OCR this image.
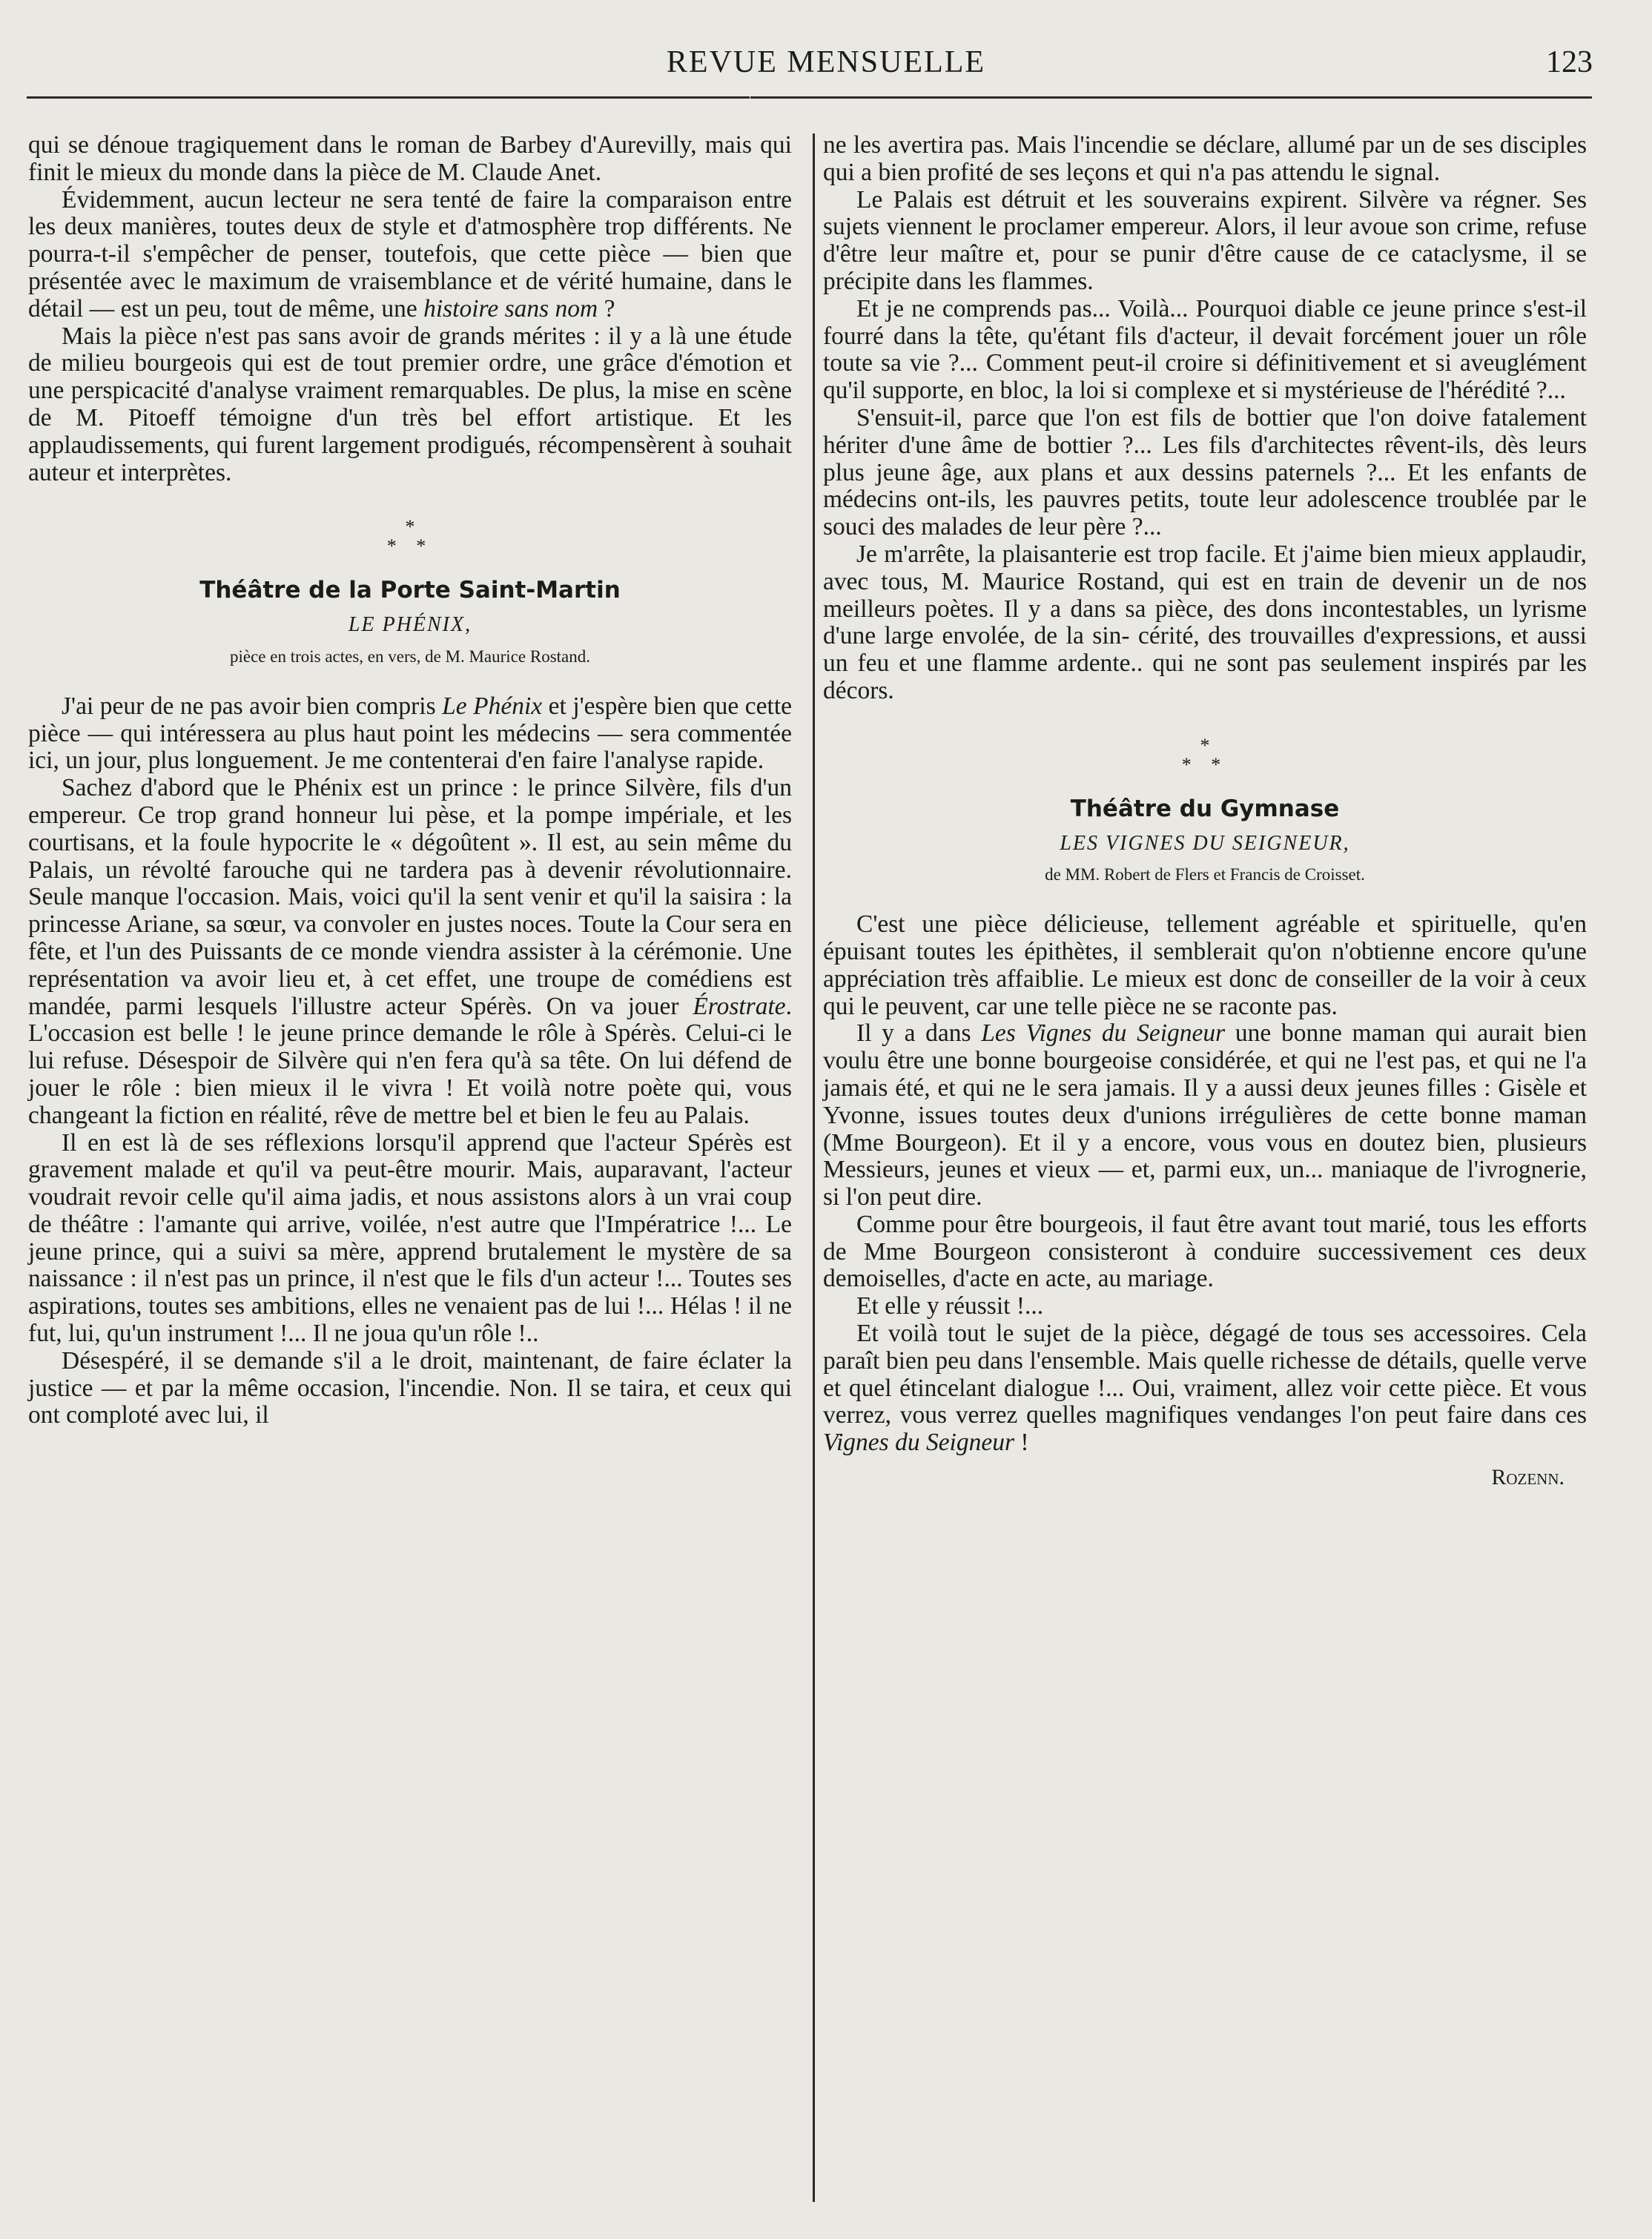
REVUE MENSUELLE	123

qui se dénoue tragiquement dans le roman de Barbey d'Aurevilly, mais qui finit le mieux du monde dans la pièce de M. Claude Anet.

Évidemment, aucun lecteur ne sera tenté de faire la comparaison entre les deux manières, toutes deux de style et d'atmosphère trop différents. Ne pourra-t-il s'empêcher de penser, toutefois, que cette pièce — bien que présentée avec le maximum de vraisemblance et de vérité humaine, dans le détail — est un peu, tout de même, une histoire sans nom ?

Mais la pièce n'est pas sans avoir de grands mérites : il y a là une étude de milieu bourgeois qui est de tout premier ordre, une grâce d'émotion et une perspicacité d'analyse vraiment remarquables. De plus, la mise en scène de M. Pitoeff témoigne d'un très bel effort artistique. Et les applaudissements, qui furent largement prodigués, récompensèrent à souhait auteur et interprètes.

*
* *
Théâtre de la Porte Saint-Martin
LE PHÉNIX,
pièce en trois actes, en vers, de M. Maurice Rostand.

J'ai peur de ne pas avoir bien compris Le Phénix et j'espère bien que cette pièce — qui intéressera au plus haut point les médecins — sera commentée ici, un jour, plus longuement. Je me contenterai d'en faire l'analyse rapide.

Sachez d'abord que le Phénix est un prince : le prince Silvère, fils d'un empereur. Ce trop grand honneur lui pèse, et la pompe impériale, et les courtisans, et la foule hypocrite le « dégoûtent ». Il est, au sein même du Palais, un révolté farouche qui ne tardera pas à devenir révolutionnaire. Seule manque l'occasion. Mais, voici qu'il la sent venir et qu'il la saisira : la princesse Ariane, sa sœur, va convoler en justes noces. Toute la Cour sera en fête, et l'un des Puissants de ce monde viendra assister à la cérémonie. Une représentation va avoir lieu et, à cet effet, une troupe de comédiens est mandée, parmi lesquels l'illustre acteur Spérès. On va jouer Érostrate. L'occasion est belle ! le jeune prince demande le rôle à Spérès. Celui-ci le lui refuse. Désespoir de Silvère qui n'en fera qu'à sa tête. On lui défend de jouer le rôle : bien mieux il le vivra ! Et voilà notre poète qui, vous changeant la fiction en réalité, rêve de mettre bel et bien le feu au Palais.

Il en est là de ses réflexions lorsqu'il apprend que l'acteur Spérès est gravement malade et qu'il va peut-être mourir. Mais, auparavant, l'acteur voudrait revoir celle qu'il aima jadis, et nous assistons alors à un vrai coup de théâtre : l'amante qui arrive, voilée, n'est autre que l'Impératrice !... Le jeune prince, qui a suivi sa mère, apprend brutalement le mystère de sa naissance : il n'est pas un prince, il n'est que le fils d'un acteur !... Toutes ses aspirations, toutes ses ambitions, elles ne venaient pas de lui !... Hélas ! il ne fut, lui, qu'un instrument !... Il ne joua qu'un rôle !..

Désespéré, il se demande s'il a le droit, maintenant, de faire éclater la justice — et par la même occasion, l'incendie. Non. Il se taira, et ceux qui ont comploté avec lui, il

ne les avertira pas. Mais l'incendie se déclare, allumé par un de ses disciples qui a bien profité de ses leçons et qui n'a pas attendu le signal.

Le Palais est détruit et les souverains expirent. Silvère va régner. Ses sujets viennent le proclamer empereur. Alors, il leur avoue son crime, refuse d'être leur maître et, pour se punir d'être cause de ce cataclysme, il se précipite dans les flammes.

Et je ne comprends pas... Voilà... Pourquoi diable ce jeune prince s'est-il fourré dans la tête, qu'étant fils d'acteur, il devait forcément jouer un rôle toute sa vie ?... Comment peut-il croire si définitivement et si aveuglément qu'il supporte, en bloc, la loi si complexe et si mystérieuse de l'hérédité ?...

S'ensuit-il, parce que l'on est fils de bottier que l'on doive fatalement hériter d'une âme de bottier ?... Les fils d'architectes rêvent-ils, dès leurs plus jeune âge, aux plans et aux dessins paternels ?... Et les enfants de médecins ont-ils, les pauvres petits, toute leur adolescence troublée par le souci des malades de leur père ?...

Je m'arrête, la plaisanterie est trop facile. Et j'aime bien mieux applaudir, avec tous, M. Maurice Rostand, qui est en train de devenir un de nos meilleurs poètes. Il y a dans sa pièce, des dons incontestables, un lyrisme d'une large envolée, de la sin- cérité, des trouvailles d'expressions, et aussi un feu et une flamme ardente.. qui ne sont pas seulement inspirés par les décors.

*
* *
Théâtre du Gymnase
LES VIGNES DU SEIGNEUR,
de MM. Robert de Flers et Francis de Croisset.

C'est une pièce délicieuse, tellement agréable et spirituelle, qu'en épuisant toutes les épithètes, il semblerait qu'on n'obtienne encore qu'une appréciation très affaiblie. Le mieux est donc de conseiller de la voir à ceux qui le peuvent, car une telle pièce ne se raconte pas.

Il y a dans Les Vignes du Seigneur une bonne maman qui aurait bien voulu être une bonne bourgeoise considérée, et qui ne l'est pas, et qui ne l'a jamais été, et qui ne le sera jamais. Il y a aussi deux jeunes filles : Gisèle et Yvonne, issues toutes deux d'unions irrégulières de cette bonne maman (Mme Bourgeon). Et il y a encore, vous vous en doutez bien, plusieurs Messieurs, jeunes et vieux — et, parmi eux, un... maniaque de l'ivrognerie, si l'on peut dire.

Comme pour être bourgeois, il faut être avant tout marié, tous les efforts de Mme Bourgeon consisteront à conduire successivement ces deux demoiselles, d'acte en acte, au mariage.

Et elle y réussit !...

Et voilà tout le sujet de la pièce, dégagé de tous ses accessoires. Cela paraît bien peu dans l'ensemble. Mais quelle richesse de détails, quelle verve et quel étincelant dialogue !... Oui, vraiment, allez voir cette pièce. Et vous verrez, vous verrez quelles magnifiques vendanges l'on peut faire dans ces Vignes du Seigneur !

Rozenn.
